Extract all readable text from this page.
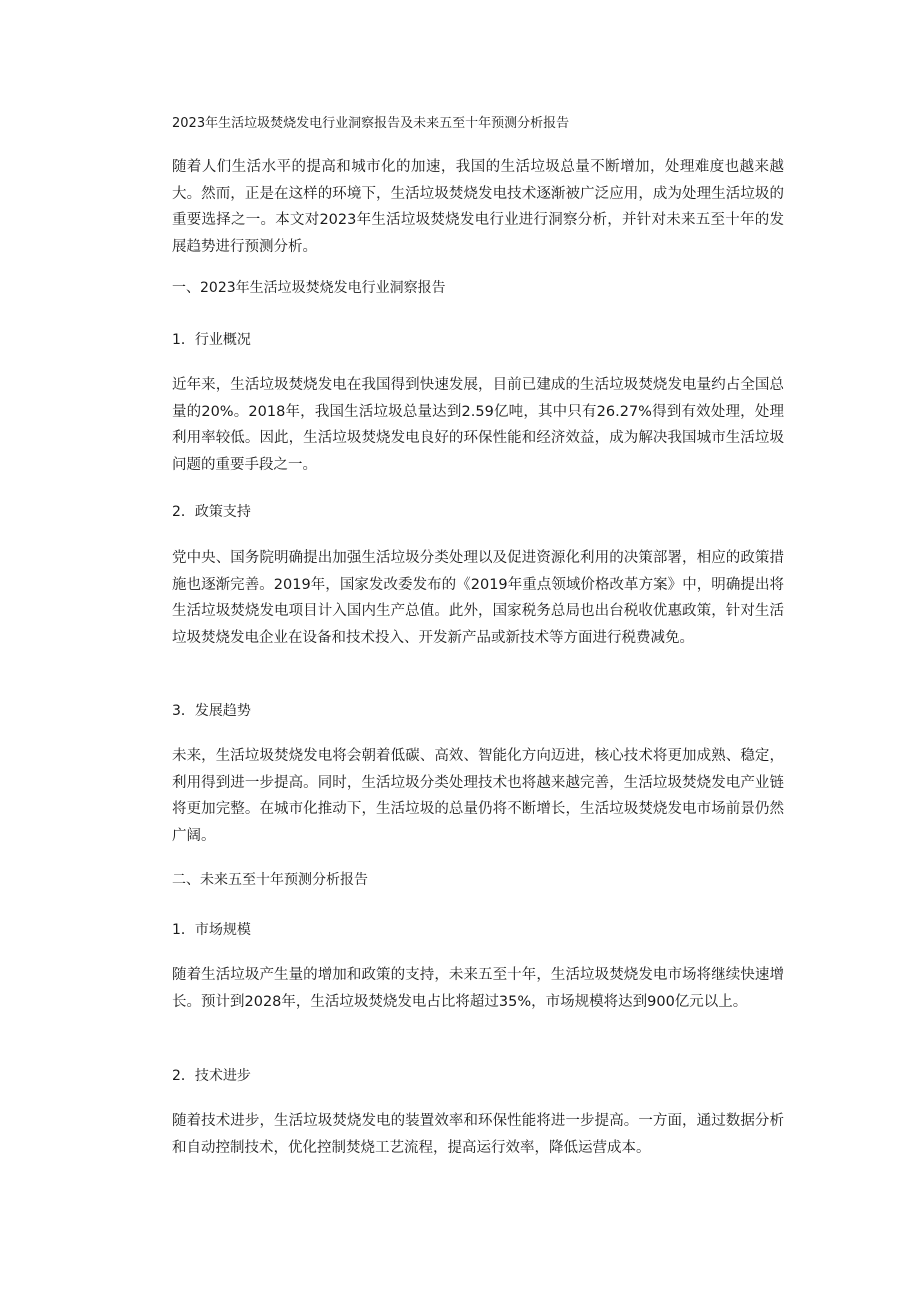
2023年生活垃圾焚烧发电行业洞察报告及未来五至十年预测分析报告

随着人们生活水平的提高和城市化的加速，我国的生活垃圾总量不断增加，处理难度也越来越大。然而，正是在这样的环境下，生活垃圾焚烧发电技术逐渐被广泛应用，成为处理生活垃圾的重要选择之一。本文对2023年生活垃圾焚烧发电行业进行洞察分析，并针对未来五至十年的发展趋势进行预测分析。

一、2023年生活垃圾焚烧发电行业洞察报告
1．行业概况

近年来，生活垃圾焚烧发电在我国得到快速发展，目前已建成的生活垃圾焚烧发电量约占全国总量的20%。2018年，我国生活垃圾总量达到2.59亿吨，其中只有26.27%得到有效处理，处理利用率较低。因此，生活垃圾焚烧发电良好的环保性能和经济效益，成为解决我国城市生活垃圾问题的重要手段之一。

2．政策支持

党中央、国务院明确提出加强生活垃圾分类处理以及促进资源化利用的决策部署，相应的政策措施也逐渐完善。2019年，国家发改委发布的《2019年重点领域价格改革方案》中，明确提出将生活垃圾焚烧发电项目计入国内生产总值。此外，国家税务总局也出台税收优惠政策，针对生活垃圾焚烧发电企业在设备和技术投入、开发新产品或新技术等方面进行税费减免。

3．发展趋势

未来，生活垃圾焚烧发电将会朝着低碳、高效、智能化方向迈进，核心技术将更加成熟、稳定，利用得到进一步提高。同时，生活垃圾分类处理技术也将越来越完善，生活垃圾焚烧发电产业链将更加完整。在城市化推动下，生活垃圾的总量仍将不断增长，生活垃圾焚烧发电市场前景仍然广阔。

二、未来五至十年预测分析报告
1．市场规模

随着生活垃圾产生量的增加和政策的支持，未来五至十年，生活垃圾焚烧发电市场将继续快速增长。预计到2028年，生活垃圾焚烧发电占比将超过35%，市场规模将达到900亿元以上。

2．技术进步

随着技术进步，生活垃圾焚烧发电的装置效率和环保性能将进一步提高。一方面，通过数据分析和自动控制技术，优化控制焚烧工艺流程，提高运行效率，降低运营成本。
